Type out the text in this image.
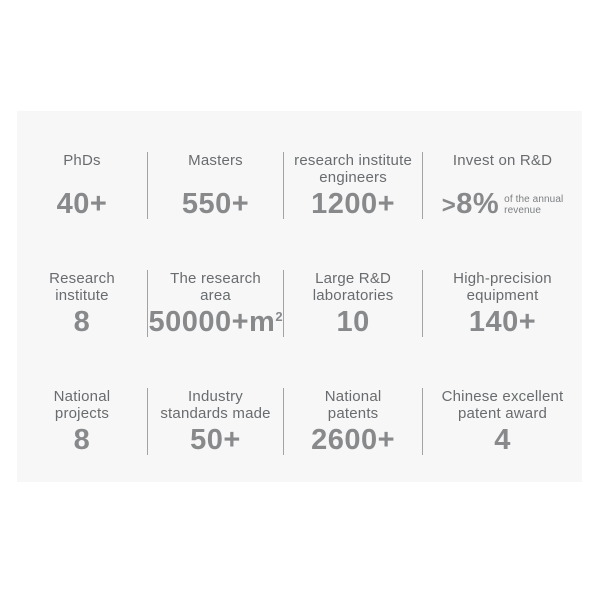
PhDs
40+
Masters
550+
research institute
engineers
1200+
Invest on R&D
>8% of the annual
revenue
Research
institute
8
The research
area
$50000+m^2$
Large R&D
laboratories
10
High-precision
equipment
140+
National
projects
8
Industry
standards made
50+
National
patents
2600+
Chinese excellent
patent award
4
